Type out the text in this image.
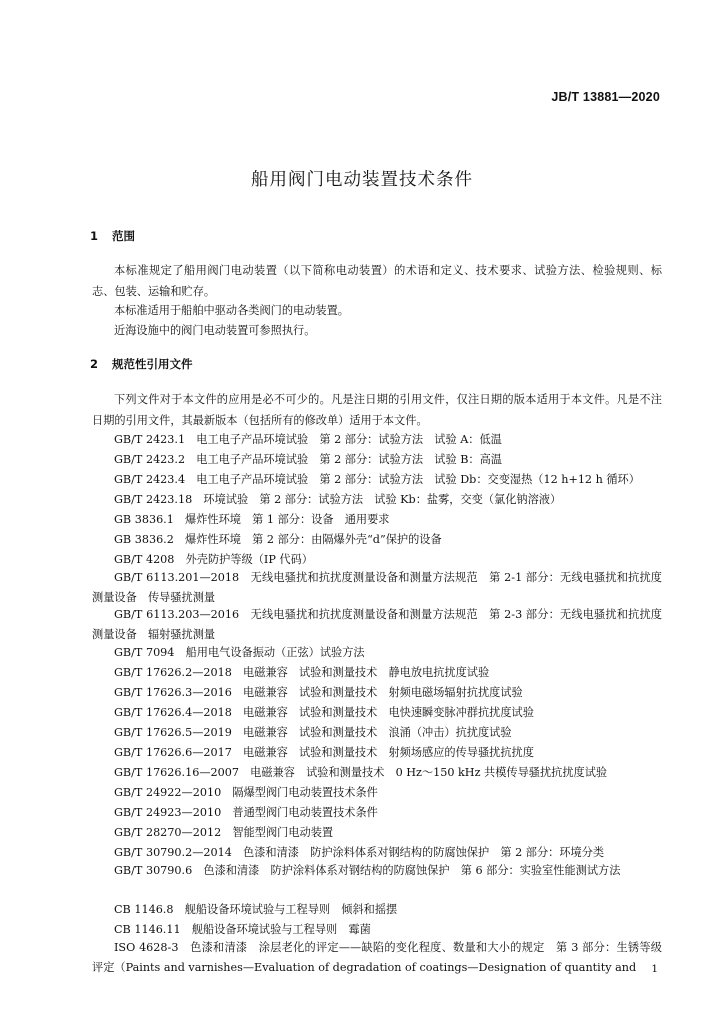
JB/T 13881—2020
船用阀门电动装置技术条件
1 范围
本标准规定了船用阀门电动装置（以下简称电动装置）的术语和定义、技术要求、试验方法、检验规则、标志、包装、运输和贮存。
本标准适用于船舶中驱动各类阀门的电动装置。
近海设施中的阀门电动装置可参照执行。
2 规范性引用文件
下列文件对于本文件的应用是必不可少的。凡是注日期的引用文件，仅注日期的版本适用于本文件。凡是不注日期的引用文件，其最新版本（包括所有的修改单）适用于本文件。
GB/T 2423.1　电工电子产品环境试验　第 2 部分：试验方法　试验 A：低温
GB/T 2423.2　电工电子产品环境试验　第 2 部分：试验方法　试验 B：高温
GB/T 2423.4　电工电子产品环境试验　第 2 部分：试验方法　试验 Db：交变湿热（12 h+12 h 循环）
GB/T 2423.18　环境试验　第 2 部分：试验方法　试验 Kb：盐雾，交变（氯化钠溶液）
GB 3836.1　爆炸性环境　第 1 部分：设备　通用要求
GB 3836.2　爆炸性环境　第 2 部分：由隔爆外壳“d”保护的设备
GB/T 4208　外壳防护等级（IP 代码）
GB/T 6113.201—2018　无线电骚扰和抗扰度测量设备和测量方法规范　第 2-1 部分：无线电骚扰和抗扰度测量设备　传导骚扰测量
GB/T 6113.203—2016　无线电骚扰和抗扰度测量设备和测量方法规范　第 2-3 部分：无线电骚扰和抗扰度测量设备　辐射骚扰测量
GB/T 7094　船用电气设备振动（正弦）试验方法
GB/T 17626.2—2018　电磁兼容　试验和测量技术　静电放电抗扰度试验
GB/T 17626.3—2016　电磁兼容　试验和测量技术　射频电磁场辐射抗扰度试验
GB/T 17626.4—2018　电磁兼容　试验和测量技术　电快速瞬变脉冲群抗扰度试验
GB/T 17626.5—2019　电磁兼容　试验和测量技术　浪涌（冲击）抗扰度试验
GB/T 17626.6—2017　电磁兼容　试验和测量技术　射频场感应的传导骚扰抗扰度
GB/T 17626.16—2007　电磁兼容　试验和测量技术　0 Hz～150 kHz 共模传导骚扰抗扰度试验
GB/T 24922—2010　隔爆型阀门电动装置技术条件
GB/T 24923—2010　普通型阀门电动装置技术条件
GB/T 28270—2012　智能型阀门电动装置
GB/T 30790.2—2014　色漆和清漆　防护涂料体系对钢结构的防腐蚀保护　第 2 部分：环境分类
GB/T 30790.6　色漆和清漆　防护涂料体系对钢结构的防腐蚀保护　第 6 部分：实验室性能测试方法
CB 1146.8　舰船设备环境试验与工程导则　倾斜和摇摆
CB 1146.11　舰船设备环境试验与工程导则　霉菌
ISO 4628-3　色漆和清漆　涂层老化的评定——缺陷的变化程度、数量和大小的规定　第 3 部分：生锈等级评定（Paints and varnishes—Evaluation of degradation of coatings—Designation of quantity and	1
